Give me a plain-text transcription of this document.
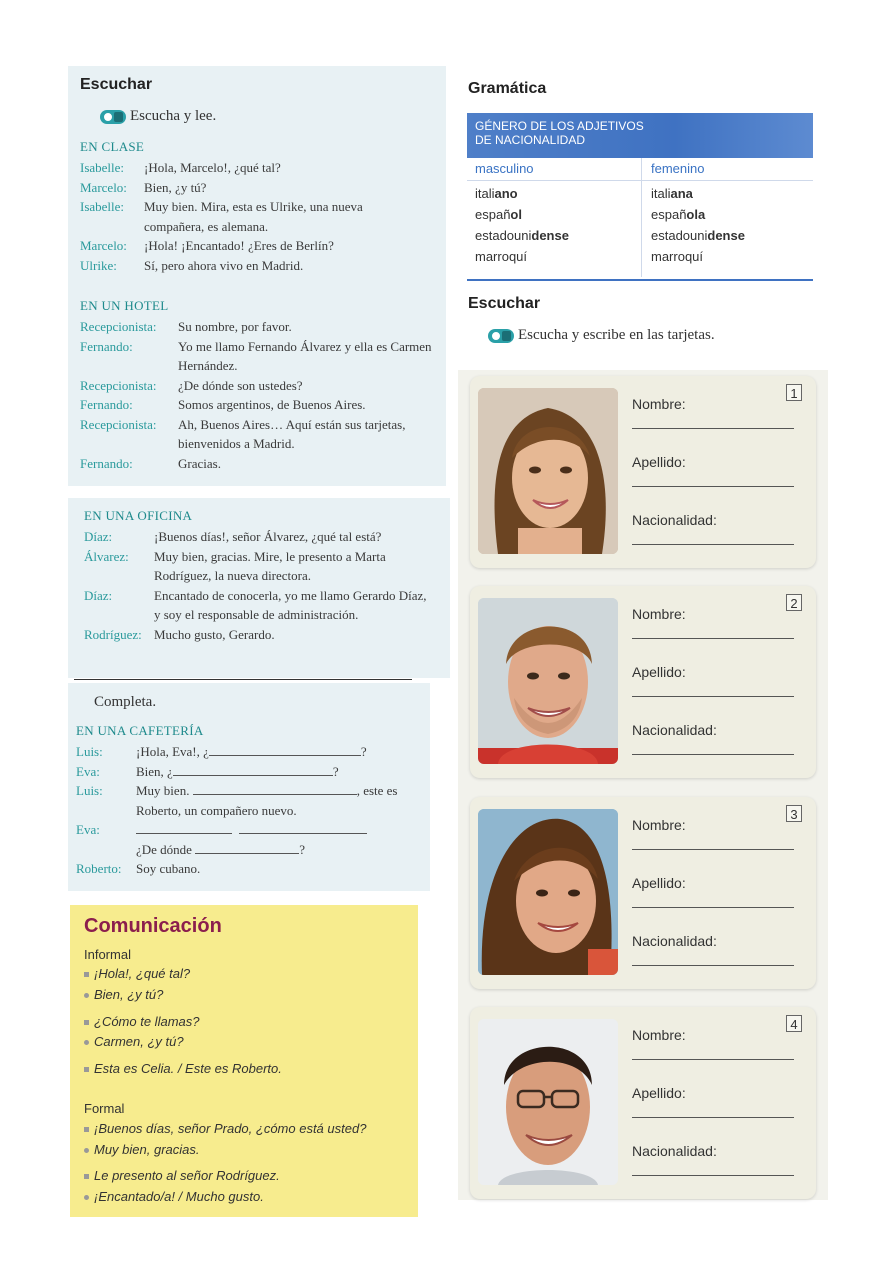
Escuchar
Escucha y lee.
EN CLASE
Isabelle:	¡Hola, Marcelo!, ¿qué tal?
Marcelo:	Bien, ¿y tú?
Isabelle:	Muy bien. Mira, esta es Ulrike, una nueva compañera, es alemana.
Marcelo:	¡Hola! ¡Encantado! ¿Eres de Berlín?
Ulrike:	Sí, pero ahora vivo en Madrid.
EN UN HOTEL
Recepcionista:	Su nombre, por favor.
Fernando:	Yo me llamo Fernando Álvarez y ella es Carmen Hernández.
Recepcionista:	¿De dónde son ustedes?
Fernando:	Somos argentinos, de Buenos Aires.
Recepcionista:	Ah, Buenos Aires… Aquí están sus tarjetas, bienvenidos a Madrid.
Fernando:	Gracias.
EN UNA OFICINA
Díaz:	¡Buenos días!, señor Álvarez, ¿qué tal está?
Álvarez:	Muy bien, gracias. Mire, le presento a Marta Rodríguez, la nueva directora.
Díaz:	Encantado de conocerla, yo me llamo Gerardo Díaz, y soy el responsable de administración.
Rodríguez: Mucho gusto, Gerardo.
Completa.
EN UNA CAFETERÍA
Luis:	¡Hola, Eva!, ¿	?
Eva:	Bien, ¿	?
Luis:	Muy bien.	, este es
Roberto, un compañero nuevo.
Eva:

¿De dónde	?
Roberto:	Soy cubano.
Comunicación
Informal
¡Hola!, ¿qué tal?
Bien, ¿y tú?
¿Cómo te llamas?
Carmen, ¿y tú?
Esta es Celia. / Este es Roberto.
Formal
¡Buenos días, señor Prado, ¿cómo está usted?
Muy bien, gracias.
Le presento al señor Rodríguez.
¡Encantado/a! / Mucho gusto.
Gramática
GÉNERO DE LOS ADJETIVOS
DE NACIONALIDAD
masculino	femenino
italiano	italiana
español	española
estadounidense	estadounidense
marroquí	marroquí
Escuchar
Escucha y escribe en las tarjetas.
1
Nombre:
Apellido:
Nacionalidad:
2
Nombre:
Apellido:
Nacionalidad:
3
Nombre:
Apellido:
Nacionalidad:
4
Nombre:
Apellido:
Nacionalidad:
